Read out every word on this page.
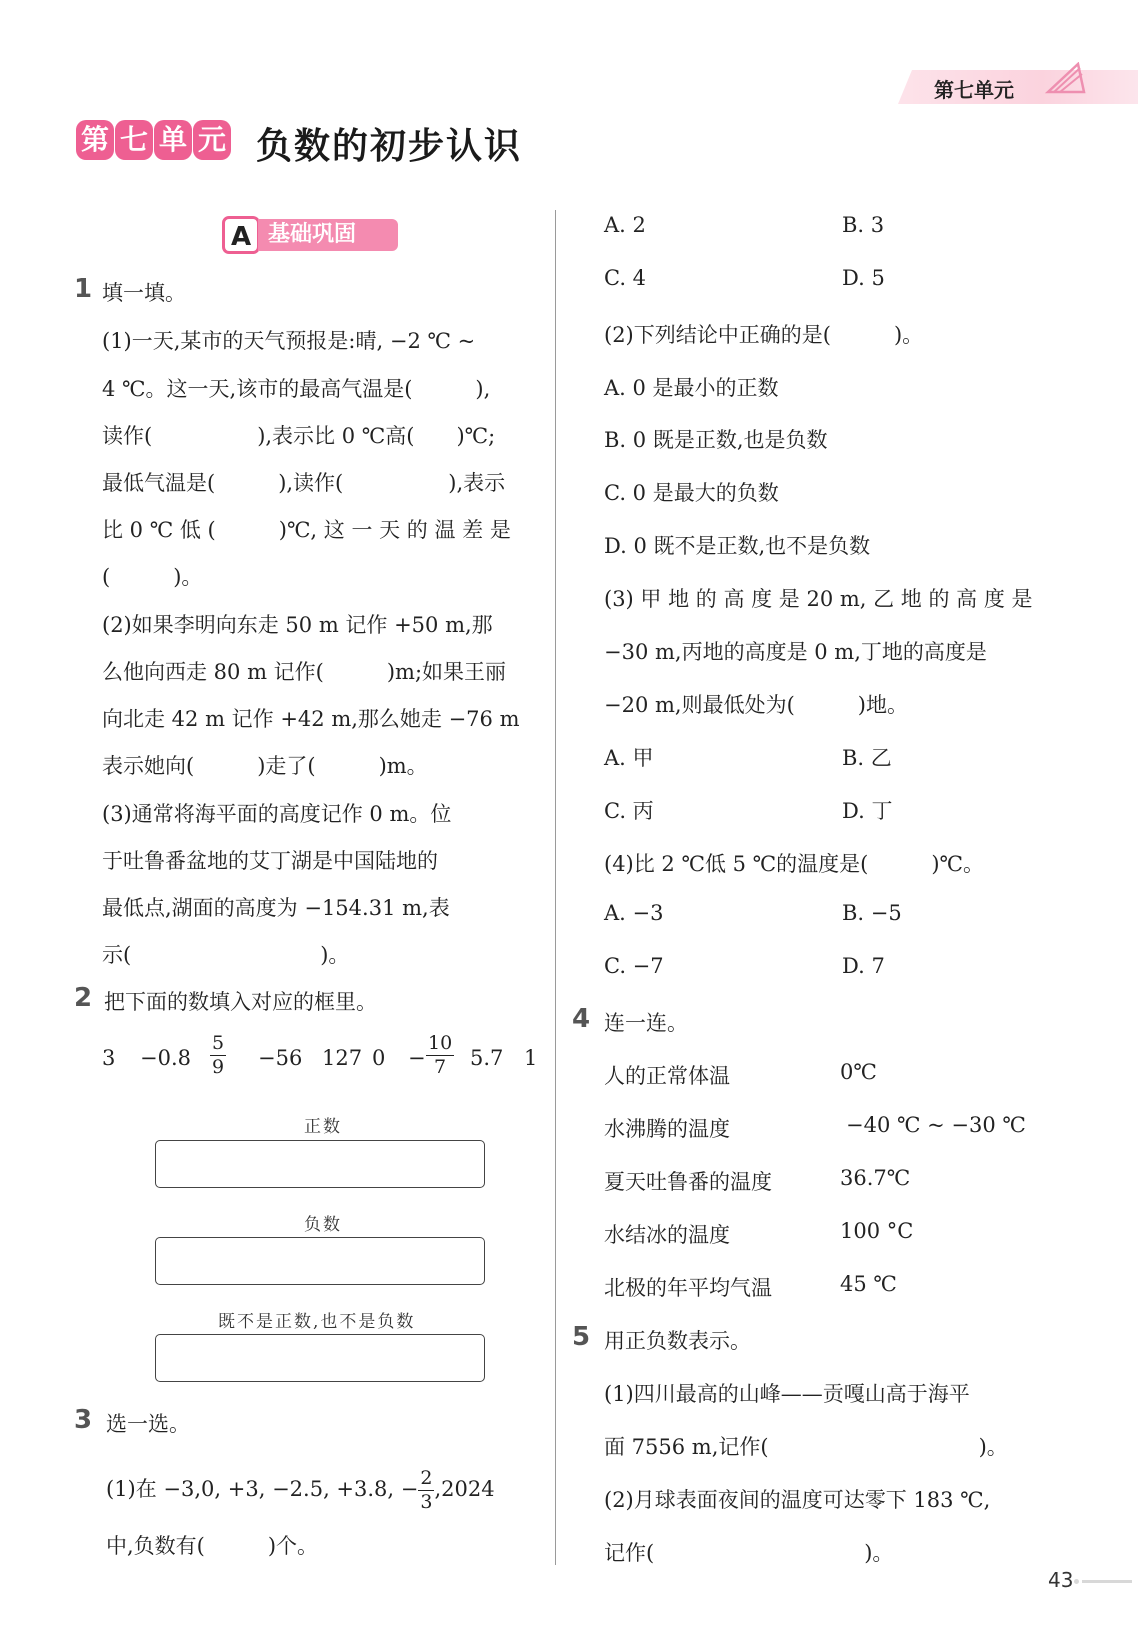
第七单元
第 七 单 元 负数的初步认识
A 基础巩固
1 填一填。
(1)一天,某市的天气预报是:晴, −2 ℃ ~
4 ℃。这一天,该市的最高气温是(　　　),
读作(　　　　　),表示比 0 ℃高(　　)℃;
最低气温是(　　　),读作(　　　　　),表示
比 0 ℃ 低 (　　　)℃, 这 一 天 的 温 差 是
(　　　)。
(2)如果李明向东走 50 m 记作 +50 m,那
么他向西走 80 m 记作(　　　)m;如果王丽
向北走 42 m 记作 +42 m,那么她走 −76 m
表示她向(　　　)走了(　　　)m。
(3)通常将海平面的高度记作 0 m。位
于吐鲁番盆地的艾丁湖是中国陆地的
最低点,湖面的高度为 −154.31 m,表
示(　　　　　　　　　)。
2 把下面的数填入对应的框里。
$3 -0.8 \frac{5}{9} -56$ 127 $0 - \frac{10}{7} 5.7$ 1
正数
负数
既不是正数,也不是负数
3 选一选。
(1)在 −3,0, +3, −2.5, +3.8, − $\frac{2}{3} ,2024$
中,负数有(　　　)个。
A. 2	B. 3
C. 4	D. 5
(2)下列结论中正确的是(　　　)。
A. 0 是最小的正数
B. 0 既是正数,也是负数
C. 0 是最大的负数
D. 0 既不是正数,也不是负数
(3) 甲 地 的 高 度 是 20 m, 乙 地 的 高 度 是
−30 m,丙地的高度是 0 m,丁地的高度是
−20 m,则最低处为(　　　)地。
A. 甲	B. 乙
C. 丙	D. 丁
(4)比 2 ℃低 5 ℃的温度是(　　　)℃。
A. −3	B. −5
C. −7	D. 7
4 连一连。
人的正常体温	0℃
水沸腾的温度	−40 ℃ ~ −30 ℃
夏天吐鲁番的温度	36.7℃
水结冰的温度	100 °C
北极的年平均气温	45 ℃
5 用正负数表示。
(1)四川最高的山峰——贡嘎山高于海平
面 7556 m,记作(　　　　　　　　　　)。
(2)月球表面夜间的温度可达零下 183 ℃,
记作(　　　　　　　　　　)。
43
